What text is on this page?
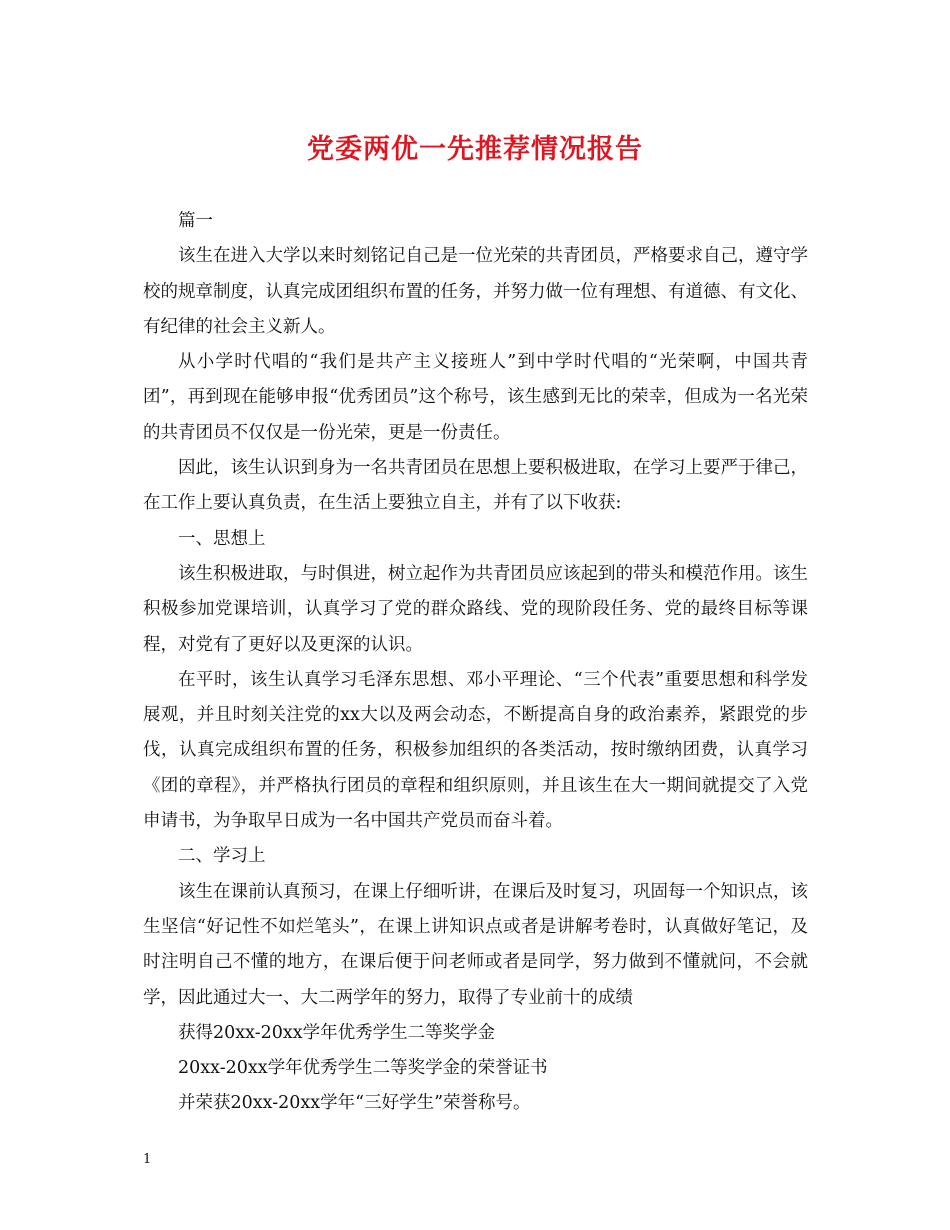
党委两优一先推荐情况报告

篇一

该生在进入大学以来时刻铭记自己是一位光荣的共青团员，严格要求自己，遵守学校的规章制度，认真完成团组织布置的任务，并努力做一位有理想、有道德、有文化、有纪律的社会主义新人。

从小学时代唱的“我们是共产主义接班人”到中学时代唱的“光荣啊，中国共青团”，再到现在能够申报“优秀团员”这个称号，该生感到无比的荣幸，但成为一名光荣的共青团员不仅仅是一份光荣，更是一份责任。

因此，该生认识到身为一名共青团员在思想上要积极进取，在学习上要严于律己，在工作上要认真负责，在生活上要独立自主，并有了以下收获:

一、思想上

该生积极进取，与时俱进，树立起作为共青团员应该起到的带头和模范作用。该生积极参加党课培训，认真学习了党的群众路线、党的现阶段任务、党的最终目标等课程，对党有了更好以及更深的认识。

在平时，该生认真学习毛泽东思想、邓小平理论、“三个代表”重要思想和科学发展观，并且时刻关注党的xx大以及两会动态，不断提高自身的政治素养，紧跟党的步伐，认真完成组织布置的任务，积极参加组织的各类活动，按时缴纳团费，认真学习《团的章程》，并严格执行团员的章程和组织原则，并且该生在大一期间就提交了入党申请书，为争取早日成为一名中国共产党员而奋斗着。

二、学习上

该生在课前认真预习，在课上仔细听讲，在课后及时复习，巩固每一个知识点，该生坚信“好记性不如烂笔头”，在课上讲知识点或者是讲解考卷时，认真做好笔记，及时注明自己不懂的地方，在课后便于问老师或者是同学，努力做到不懂就问，不会就学，因此通过大一、大二两学年的努力，取得了专业前十的成绩

获得20xx-20xx学年优秀学生二等奖学金

20xx-20xx学年优秀学生二等奖学金的荣誉证书

并荣获20xx-20xx学年“三好学生”荣誉称号。

1
